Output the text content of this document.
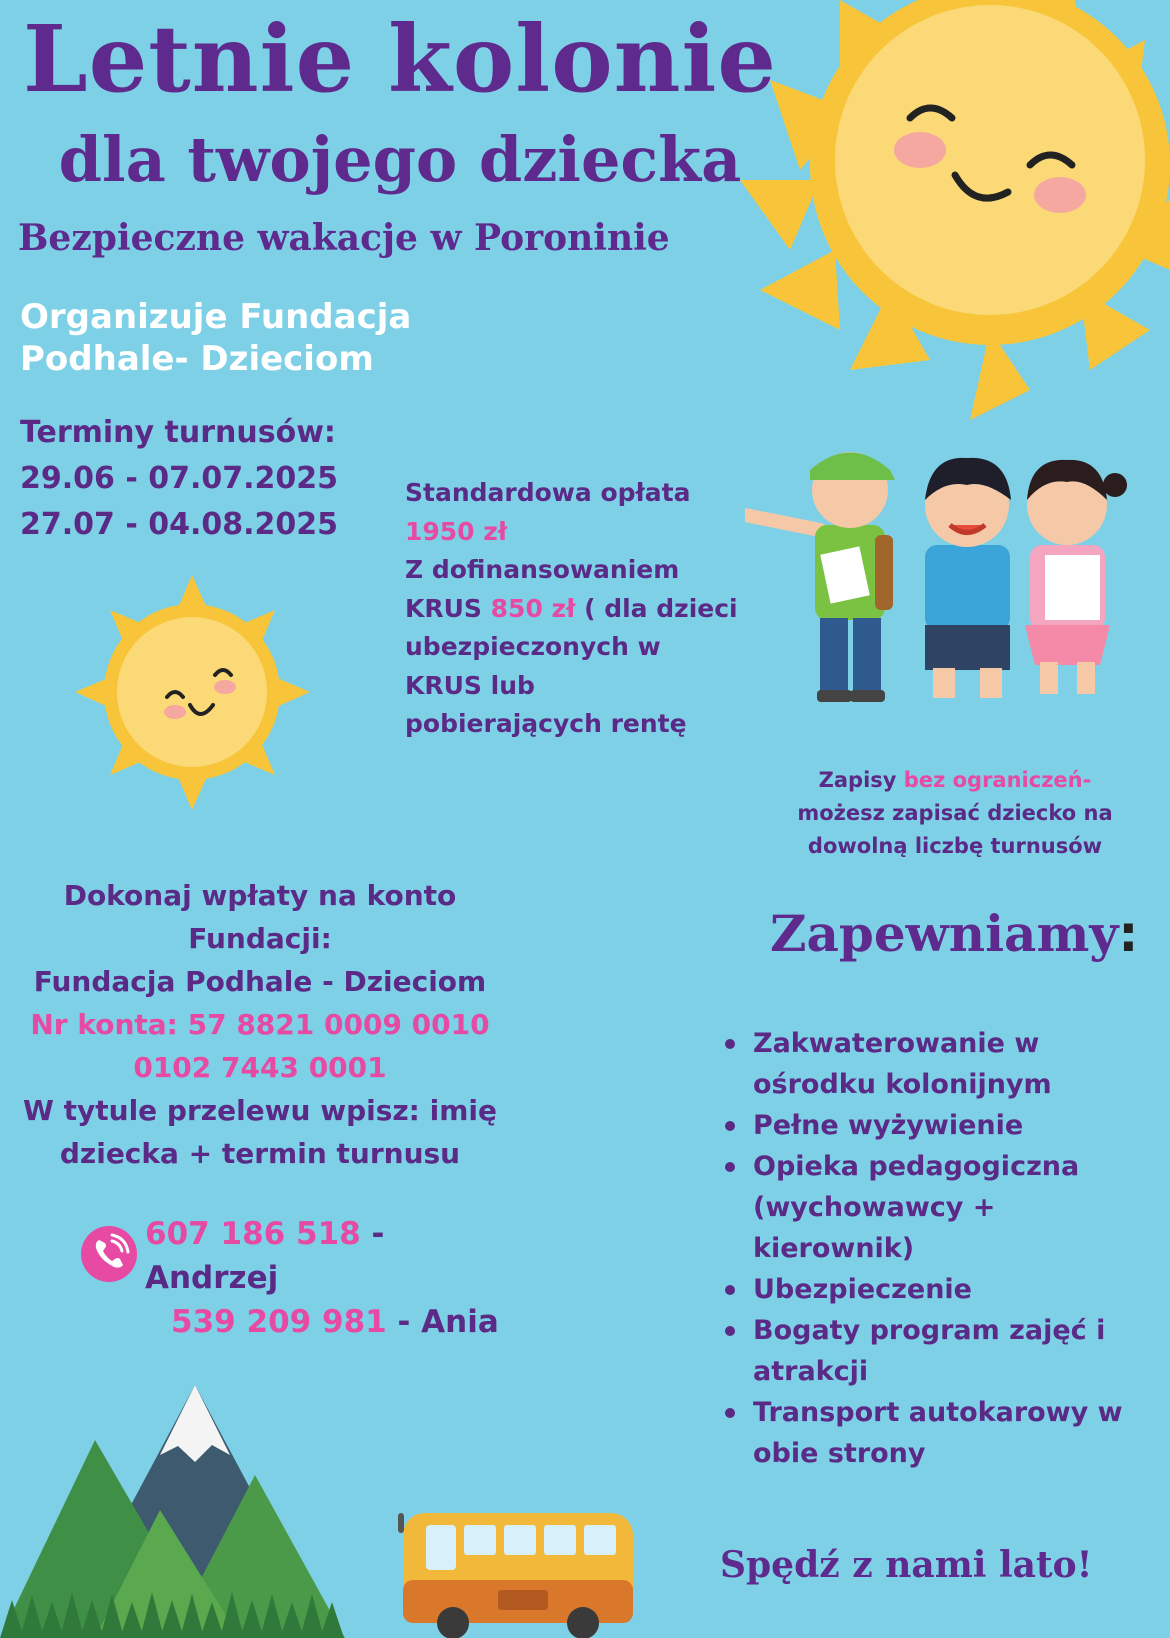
Letnie kolonie
dla twojego dziecka
Bezpieczne wakacje w Poroninie
Organizuje Fundacja
Podhale- Dzieciom
Terminy turnusów:
29.06 - 07.07.2025
27.07 - 04.08.2025
Standardowa opłata
1950 zł
Z dofinansowaniem
KRUS 850 zł ( dla dzieci
ubezpieczonych w
KRUS lub
pobierających rentę
Zapisy bez ograniczeń-
możesz zapisać dziecko na
dowolną liczbę turnusów
Dokonaj wpłaty na konto
Fundacji:
Fundacja Podhale - Dzieciom
Nr konta: 57 8821 0009 0010
0102 7443 0001
W tytule przelewu wpisz: imię
dziecka + termin turnusu
607 186 518 - Andrzej
539 209 981 - Ania
Zapewniamy:
Zakwaterowanie w ośrodku kolonijnym
Pełne wyżywienie
Opieka pedagogiczna (wychowawcy + kierownik)
Ubezpieczenie
Bogaty program zajęć i atrakcji
Transport autokarowy w obie strony
Spędź z nami lato!
